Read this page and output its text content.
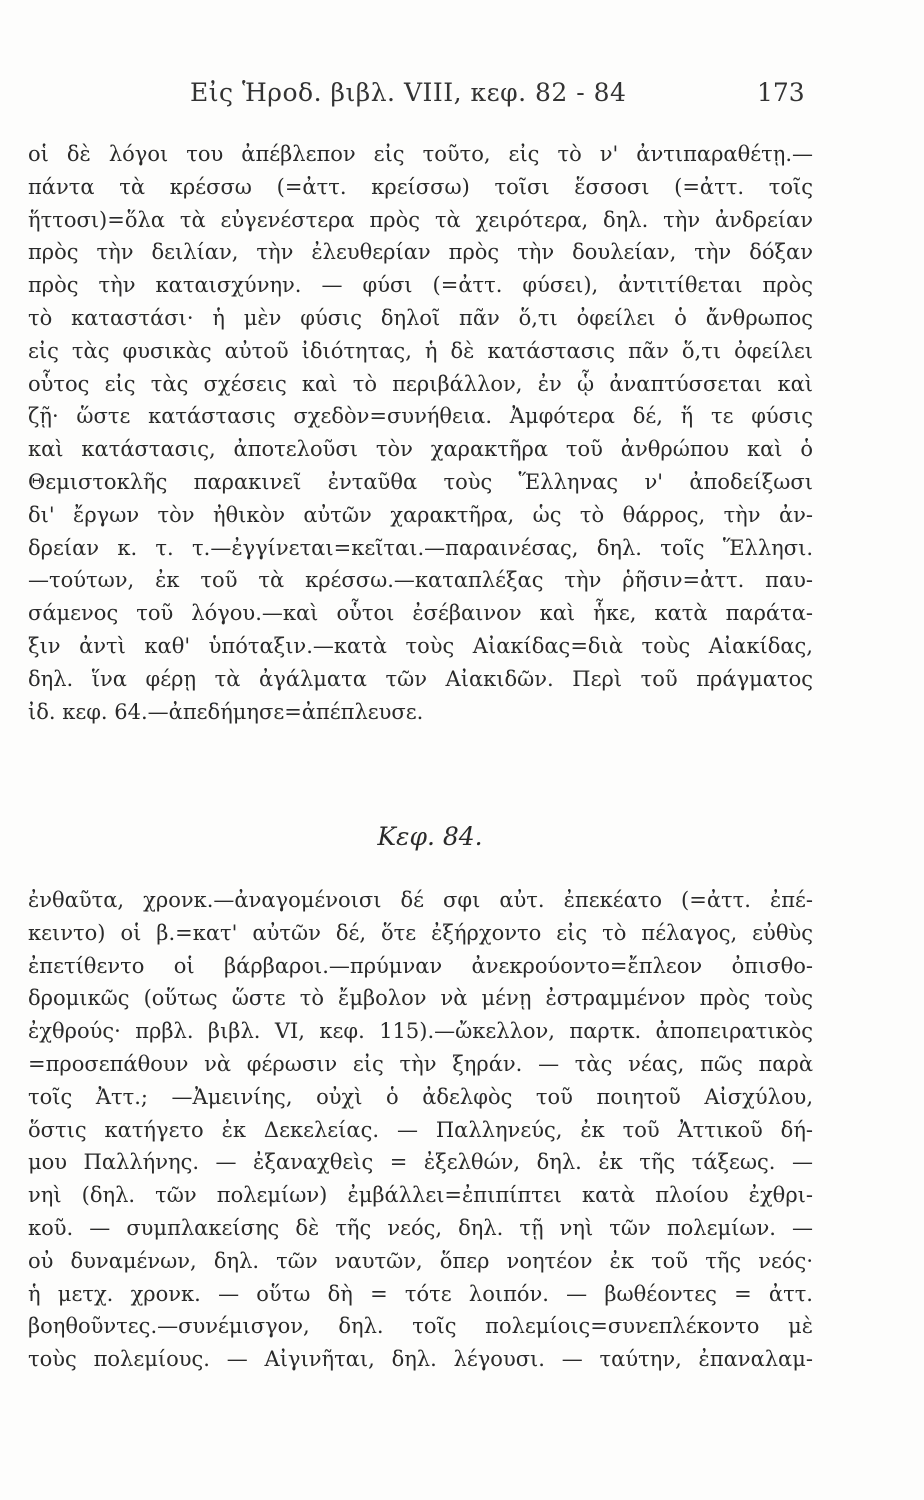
Εἰς Ἡροδ. βιβλ. VIII, κεφ. 82 - 84	173
οἱ δὲ λόγοι του ἀπέβλεπον εἰς τοῦτο, εἰς τὸ ν' ἀντιπαραθέτῃ.—
πάντα τὰ κρέσσω (=ἀττ. κρείσσω) τοῖσι ἕσσοσι (=ἀττ. τοῖς
ἥττοσι)=ὅλα τὰ εὐγενέστερα πρὸς τὰ χειρότερα, δηλ. τὴν ἀνδρείαν
πρὸς τὴν δειλίαν, τὴν ἐλευθερίαν πρὸς τὴν δουλείαν, τὴν δόξαν
πρὸς τὴν καταισχύνην. — φύσι (=ἀττ. φύσει), ἀντιτίθεται πρὸς
τὸ καταστάσι· ἡ μὲν φύσις δηλοῖ πᾶν ὅ,τι ὀφείλει ὁ ἄνθρωπος
εἰς τὰς φυσικὰς αὐτοῦ ἰδιότητας, ἡ δὲ κατάστασις πᾶν ὅ,τι ὀφείλει
οὗτος εἰς τὰς σχέσεις καὶ τὸ περιβάλλον, ἐν ᾧ ἀναπτύσσεται καὶ
ζῇ· ὥστε κατάστασις σχεδὸν=συνήθεια. Ἀμφότερα δέ, ἥ τε φύσις
καὶ κατάστασις, ἀποτελοῦσι τὸν χαρακτῆρα τοῦ ἀνθρώπου καὶ ὁ
Θεμιστοκλῆς παρακινεῖ ἐνταῦθα τοὺς Ἕλληνας ν' ἀποδείξωσι
δι' ἔργων τὸν ἠθικὸν αὐτῶν χαρακτῆρα, ὡς τὸ θάρρος, τὴν ἀν-
δρείαν κ. τ. τ.—ἐγγίνεται=κεῖται.—παραινέσας, δηλ. τοῖς Ἕλλησι.
—τούτων, ἐκ τοῦ τὰ κρέσσω.—καταπλέξας τὴν ῥῆσιν=ἀττ. παυ-
σάμενος τοῦ λόγου.—καὶ οὗτοι ἐσέβαινον καὶ ἧκε, κατὰ παράτα-
ξιν ἀντὶ καθ' ὑπόταξιν.—κατὰ τοὺς Αἰακίδας=διὰ τοὺς Αἰακίδας,
δηλ. ἵνα φέρῃ τὰ ἀγάλματα τῶν Αἰακιδῶν. Περὶ τοῦ πράγματος
ἰδ. κεφ. 64.—ἀπεδήμησε=ἀπέπλευσε.
Κεφ. 84.
ἐνθαῦτα, χρονκ.—ἀναγομένοισι δέ σφι αὐτ. ἐπεκέατο (=ἀττ. ἐπέ-
κειντο) οἱ β.=κατ' αὐτῶν δέ, ὅτε ἐξήρχοντο εἰς τὸ πέλαγος, εὐθὺς
ἐπετίθεντο οἱ βάρβαροι.—πρύμναν ἀνεκρούοντο=ἔπλεον ὀπισθο-
δρομικῶς (οὕτως ὥστε τὸ ἔμβολον νὰ μένῃ ἐστραμμένον πρὸς τοὺς
ἐχθρούς· πρβλ. βιβλ. VI, κεφ. 115).—ὤκελλον, παρτκ. ἀποπειρατικὸς
=προσεπάθουν νὰ φέρωσιν εἰς τὴν ξηράν. — τὰς νέας, πῶς παρὰ
τοῖς Ἀττ.; —Ἀμεινίης, οὐχὶ ὁ ἀδελφὸς τοῦ ποιητοῦ Αἰσχύλου,
ὅστις κατήγετο ἐκ Δεκελείας. — Παλληνεύς, ἐκ τοῦ Ἀττικοῦ δή-
μου Παλλήνης. — ἐξαναχθεὶς = ἐξελθών, δηλ. ἐκ τῆς τάξεως. —
νηὶ (δηλ. τῶν πολεμίων) ἐμβάλλει=ἐπιπίπτει κατὰ πλοίου ἐχθρι-
κοῦ. — συμπλακείσης δὲ τῆς νεός, δηλ. τῇ νηὶ τῶν πολεμίων. —
οὐ δυναμένων, δηλ. τῶν ναυτῶν, ὅπερ νοητέον ἐκ τοῦ τῆς νεός·
ἡ μετχ. χρονκ. — οὕτω δὴ = τότε λοιπόν. — βωθέοντες = ἀττ.
βοηθοῦντες.—συνέμισγον, δηλ. τοῖς πολεμίοις=συνεπλέκοντο μὲ
τοὺς πολεμίους. — Αἰγινῆται, δηλ. λέγουσι. — ταύτην, ἐπαναλαμ-
